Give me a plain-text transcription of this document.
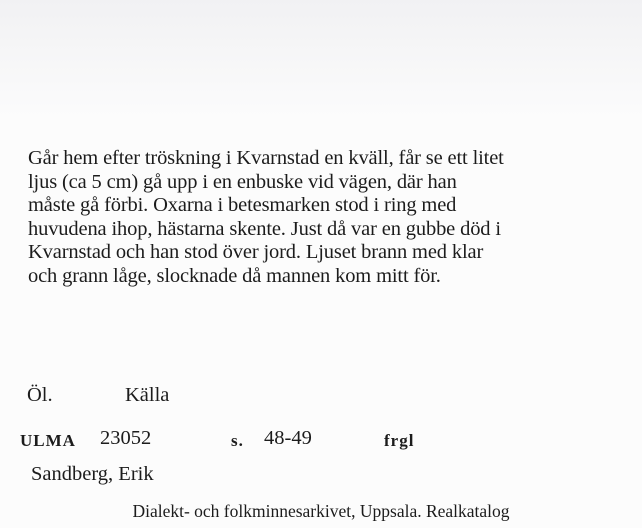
Går hem efter tröskning i Kvarnstad en kväll, får se ett litet
ljus (ca 5 cm) gå upp i en enbuske vid vägen, där han
måste gå förbi. Oxarna i betesmarken stod i ring med
huvudena ihop, hästarna skente. Just då var en gubbe död i
Kvarnstad och han stod över jord. Ljuset brann med klar
och grann låge, slocknade då mannen kom mitt för.

Öl.	Källa
ULMA 23052	s. 48-49	frgl
Sandberg, Erik
Dialekt- och folkminnesarkivet, Uppsala. Realkatalog
